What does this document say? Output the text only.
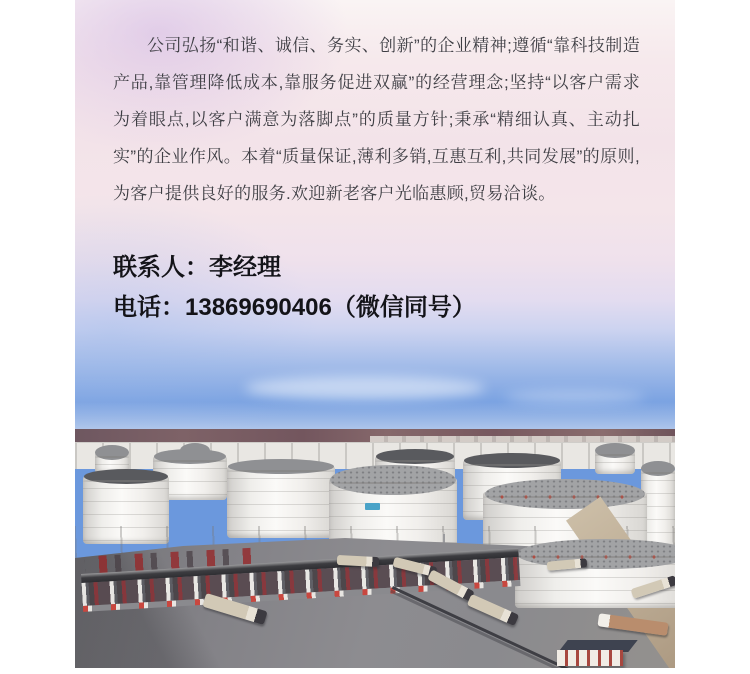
公司弘扬“和谐、诚信、务实、创新”的企业精神;遵循“靠科技制造产品,靠管理降低成本,靠服务促进双赢”的经营理念;坚持“以客户需求为着眼点,以客户满意为落脚点”的质量方针;秉承“精细认真、主动扎实”的企业作风。本着“质量保证,薄利多销,互惠互利,共同发展”的原则,为客户提供良好的服务.欢迎新老客户光临惠顾,贸易洽谈。

联系人：李经理
电话：13869690406（微信同号）
